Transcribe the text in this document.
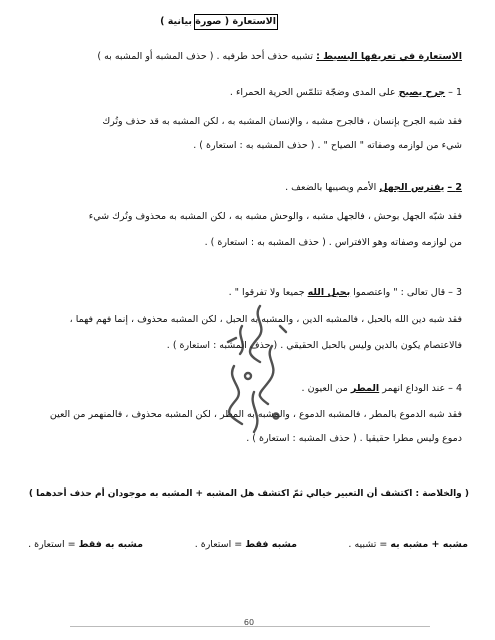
الاستعارة ( صورة بيانية )
الاستعارة في تعريفها البسيط : تشبيه حذف أحد طرفيه . ( حذف المشبه أو المشبه به )
1 – جرح يصيح على المدى وضجّة تتلمّس الحرية الحمراء .
فقد شبه الجرح بإنسان ، فالجرح مشبه ، والإنسان المشبه به ، لكن المشبه به قد حذف وتُرك
شيء من لوازمه وصفاته " الصياح " . ( حذف المشبه به : استعارة ) .
2 – يفترس الجهل الأمم ويصيبها بالضعف .
فقد شبّه الجهل بوحش ، فالجهل مشبه ، والوحش مشبه به ، لكن المشبه به محذوف وتُرك شيء
من لوازمه وصفاته وهو الافتراس . ( حذف المشبه به : استعارة ) .
3 – قال تعالى : " واعتصموا بحبل الله جميعا ولا تفرقوا " .
فقد شبه دين الله بالحبل ، فالمشبه الدين ، والمشبه به الحبل ، لكن المشبه محذوف ، إنما فهم فهما ،
فالاعتصام يكون بالدين وليس بالحبل الحقيقي . ( حذف المشبه : استعارة ) .
4 – عند الوداع انهمر المطر من العيون .
فقد شبه الدموع بالمطر ، فالمشبه الدموع ، والمشبه به المطر ، لكن المشبه محذوف ، فالمنهمر من العين
دموع وليس مطرا حقيقيا . ( حذف المشبه : استعارة ) .
( والخلاصة : اكتشف أن التعبير خيالي ثمّ اكتشف هل المشبه + المشبه به موجودان أم حذف أحدهما )
مشبه + مشبه به = تشبيه .
مشبه فقط = استعارة .
مشبه به فقط = استعارة .
60
